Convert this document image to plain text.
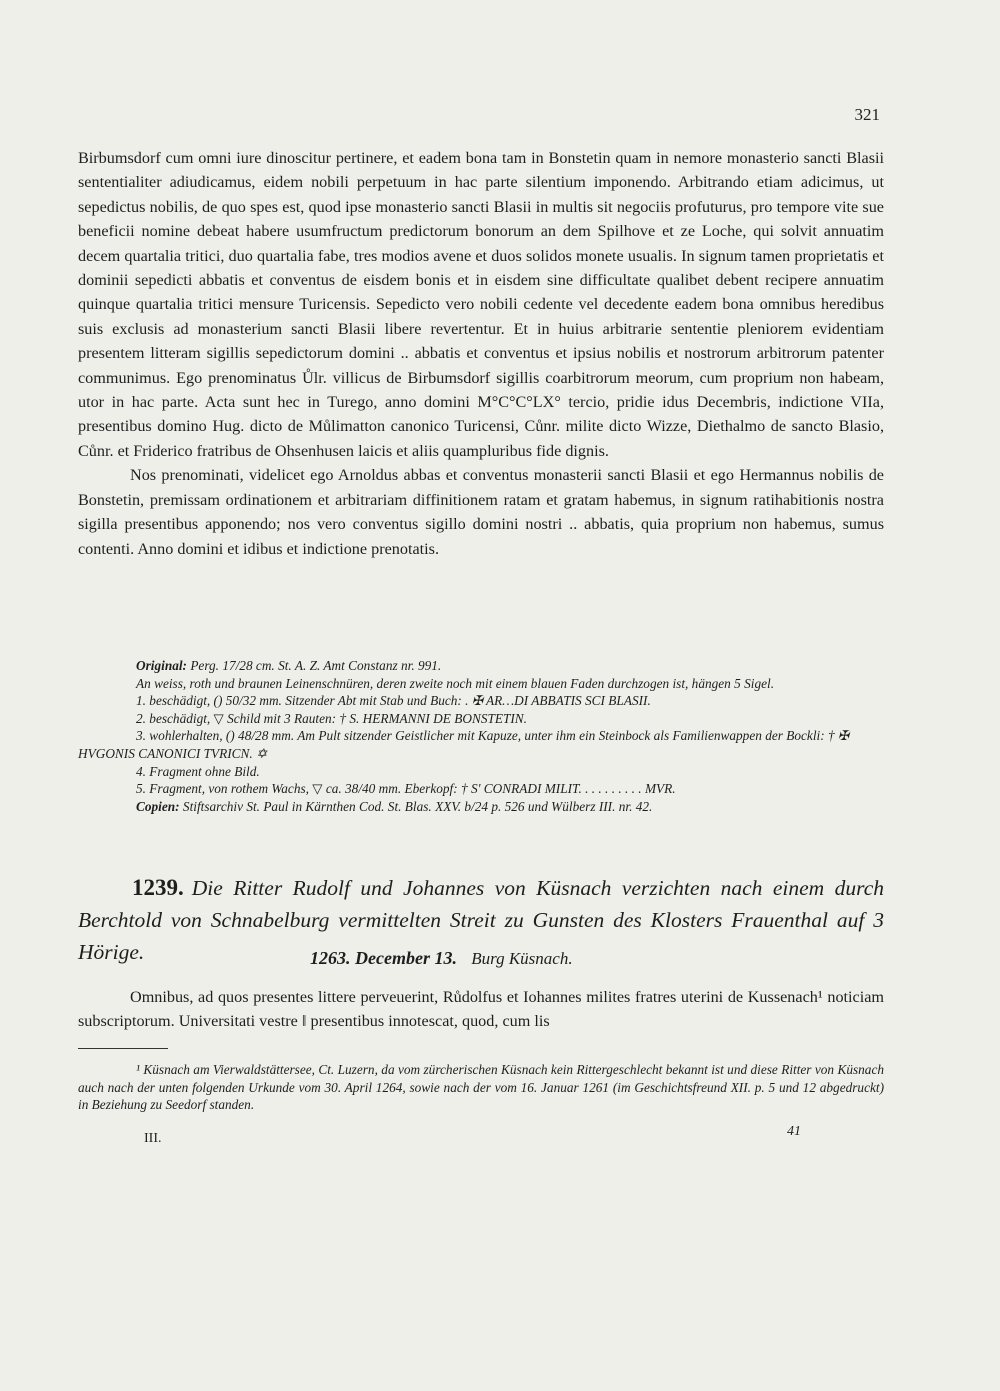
321

Birbumsdorf cum omni iure dinoscitur pertinere, et eadem bona tam in Bonstetin quam in nemore monasterio sancti Blasii sententialiter adiudicamus, eidem nobili perpetuum in hac parte silentium imponendo. Arbitrando etiam adicimus, ut sepedictus nobilis, de quo spes est, quod ipse monasterio sancti Blasii in multis sit negociis profuturus, pro tempore vite sue beneficii nomine debeat habere usumfructum predictorum bonorum an dem Spilhove et ze Loche, qui solvit annuatim decem quartalia tritici, duo quartalia fabe, tres modios avene et duos solidos monete usualis. In signum tamen proprietatis et dominii sepedicti abbatis et conventus de eisdem bonis et in eisdem sine difficultate qualibet debent recipere annuatim quinque quartalia tritici mensure Turicensis. Sepedicto vero nobili cedente vel decedente eadem bona omnibus heredibus suis exclusis ad monasterium sancti Blasii libere revertentur. Et in huius arbitrarie sententie pleniorem evidentiam presentem litteram sigillis sepedictorum domini .. abbatis et conventus et ipsius nobilis et nostrorum arbitrorum patenter communimus. Ego prenominatus Ůlr. villicus de Birbumsdorf sigillis coarbitrorum meorum, cum proprium non habeam, utor in hac parte. Acta sunt hec in Turego, anno domini M°C°C°LX° tercio, pridie idus Decembris, indictione VIIa, presentibus domino Hug. dicto de Můlimatton canonico Turicensi, Cůnr. milite dicto Wizze, Diethalmo de sancto Blasio, Cůnr. et Friderico fratribus de Ohsenhusen laicis et aliis quampluribus fide dignis.

Nos prenominati, videlicet ego Arnoldus abbas et conventus monasterii sancti Blasii et ego Hermannus nobilis de Bonstetin, premissam ordinationem et arbitrariam diffinitionem ratam et gratam habemus, in signum ratihabitionis nostra sigilla presentibus apponendo; nos vero conventus sigillo domini nostri .. abbatis, quia proprium non habemus, sumus contenti. Anno domini et idibus et indictione prenotatis.

Original: Perg. 17/28 cm. St. A. Z. Amt Constanz nr. 991.

An weiss, roth und braunen Leinenschnüren, deren zweite noch mit einem blauen Faden durchzogen ist, hängen 5 Sigel.

1. beschädigt, () 50/32 mm. Sitzender Abt mit Stab und Buch: . ✠ AR…DI ABBATIS SCI BLASII.

2. beschädigt, ▽ Schild mit 3 Rauten: † S. HERMANNI DE BONSTETIN.

3. wohlerhalten, () 48/28 mm. Am Pult sitzender Geistlicher mit Kapuze, unter ihm ein Steinbock als Familienwappen der Bockli: † ✠ HVGONIS CANONICI TVRICN. ✡

4. Fragment ohne Bild.

5. Fragment, von rothem Wachs, ▽ ca. 38/40 mm. Eberkopf: † S' CONRADI MILIT. . . . . . . . . . MVR.

Copien: Stiftsarchiv St. Paul in Kärnthen Cod. St. Blas. XXV. b/24 p. 526 und Wülberz III. nr. 42.

1239. Die Ritter Rudolf und Johannes von Küsnach verzichten nach einem durch Berchtold von Schnabelburg vermittelten Streit zu Gunsten des Klosters Frauenthal auf 3 Hörige.	1263. December 13. Burg Küsnach.

Omnibus, ad quos presentes littere perveuerint, Růdolfus et Iohannes milites fratres uterini de Kussenach¹ noticiam subscriptorum. Universitati vestre ‖ presentibus innotescat, quod, cum lis

¹ Küsnach am Vierwaldstättersee, Ct. Luzern, da vom zürcherischen Küsnach kein Rittergeschlecht bekannt ist und diese Ritter von Küsnach auch nach der unten folgenden Urkunde vom 30. April 1264, sowie nach der vom 16. Januar 1261 (im Geschichtsfreund XII. p. 5 und 12 abgedruckt) in Beziehung zu Seedorf standen.

III.	41
